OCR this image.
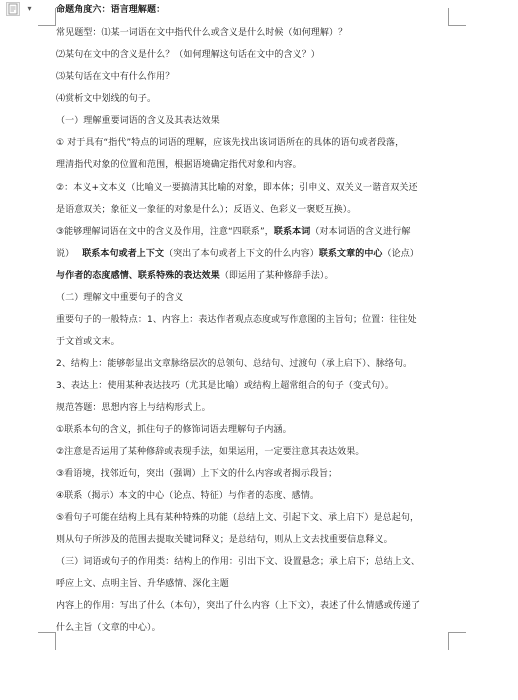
▾	命题角度六：语言理解题：
常见题型：⑴某一词语在文中指代什么或含义是什么时候（如何理解）？
⑵某句在文中的含义是什么？（如何理解这句话在文中的含义？）
⑶某句话在文中有什么作用？
⑷赏析文中划线的句子。
（一）理解重要词语的含义及其表达效果
① 对于具有“指代”特点的词语的理解，应该先找出该词语所在的具体的语句或者段落，
理清指代对象的位置和范围，根据语境确定指代对象和内容。
②：本义+文本义（比喻义一要搞清其比喻的对象，即本体；引申义、双关义一谐音双关还
是语意双关；象征义一象征的对象是什么）；反语义、色彩义一褒贬互换）。
③能够理解词语在文中的含义及作用，注意“四联系”，联系本词（对本词语的含义进行解
说） 联系本句或者上下文（突出了本句或者上下文的什么内容）联系文章的中心（论点）
与作者的态度感情、联系特殊的表达效果（即运用了某种修辞手法）。
（二）理解文中重要句子的含义
重要句子的一般特点：1、内容上：表达作者观点态度或写作意图的主旨句；位置：往往处
于文首或文末。
2、结构上：能够彰显出文章脉络层次的总领句、总结句、过渡句（承上启下）、脉络句。
3、表达上：使用某种表达技巧（尤其是比喻）或结构上超常组合的句子（变式句）。
规范答题：思想内容上与结构形式上。
①联系本句的含义，抓住句子的修饰词语去理解句子内涵。
②注意是否运用了某种修辞或表现手法，如果运用，一定要注意其表达效果。
③看语境，找邻近句，突出（强调）上下文的什么内容或者揭示段旨；
④联系（揭示）本文的中心（论点、特征）与作者的态度、感情。
⑤看句子可能在结构上具有某种特殊的功能（总结上文、引起下文、承上启下）是总起句，
则从句子所涉及的范围去提取关键词释义；是总结句，则从上文去找重要信息释义。
（三）词语或句子的作用类：结构上的作用：引出下文、设置悬念；承上启下；总结上文、
呼应上文、点明主旨、升华感情、深化主题
内容上的作用：写出了什么（本句），突出了什么内容（上下文），表述了什么情感或传递了
什么主旨（文章的中心）。
